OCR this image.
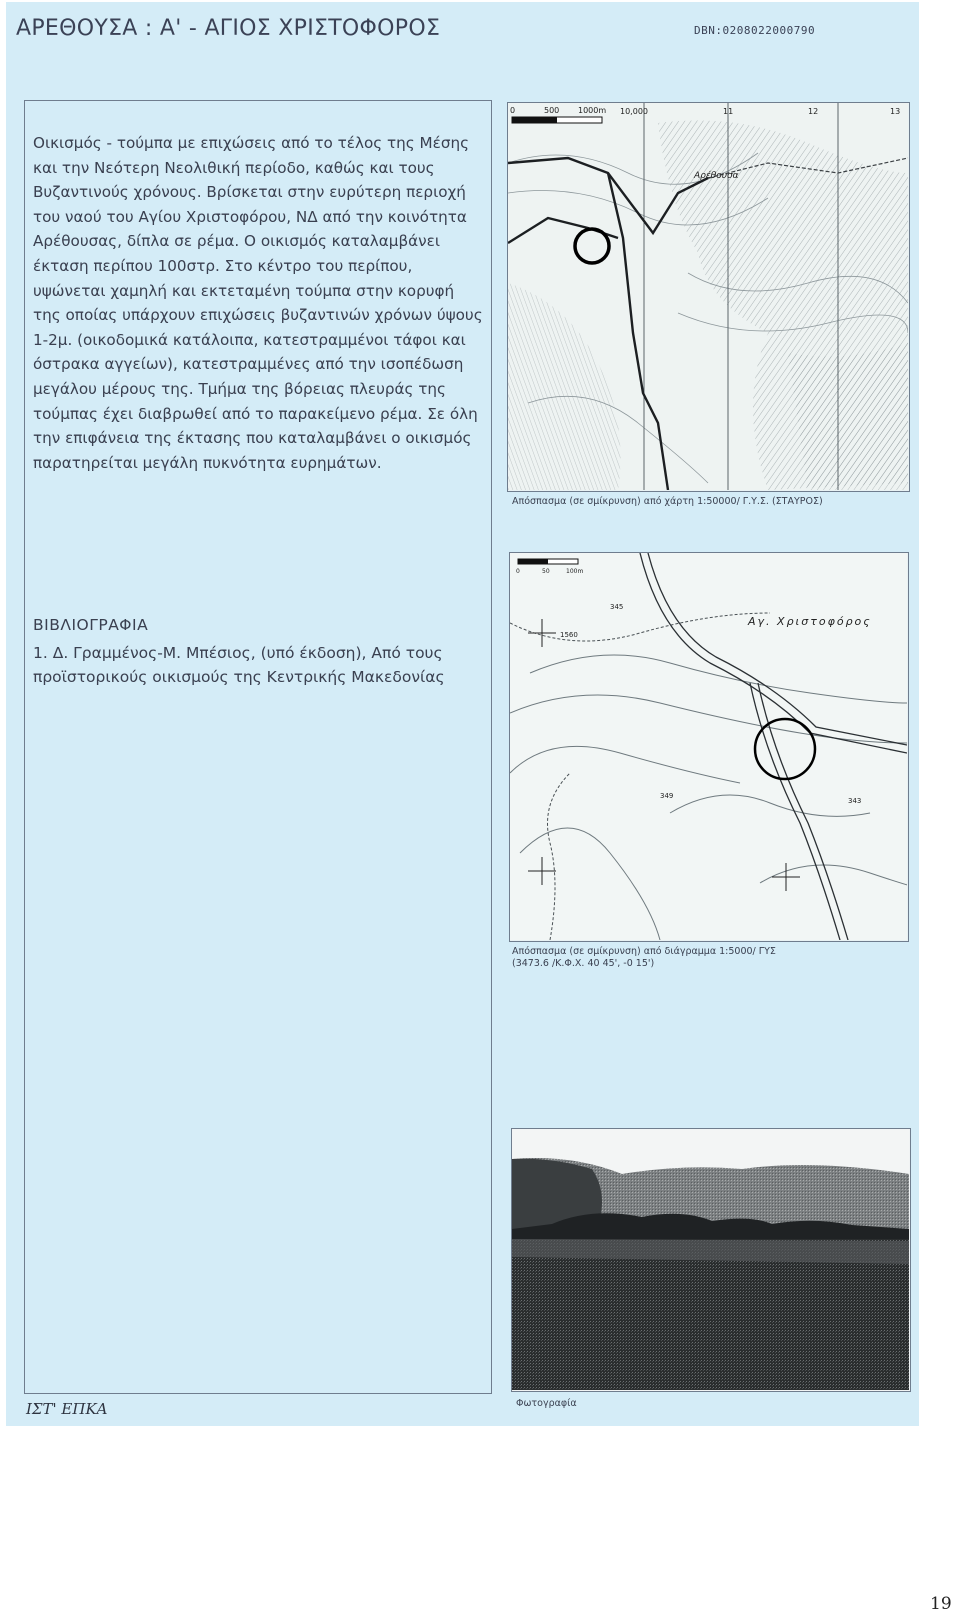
ΑΡΕΘΟΥΣΑ : Α' - ΑΓΙΟΣ ΧΡΙΣΤΟΦΟΡΟΣ	DBN:0208022000790

Οικισμός - τούμπα με επιχώσεις από το τέλος της Μέσης και την Νεότερη Νεολιθική περίοδο, καθώς και τους Βυζαντινούς χρόνους. Βρίσκεται στην ευρύτερη περιοχή του ναού του Αγίου Χριστοφόρου, ΝΔ από την κοινότητα Αρέθουσας, δίπλα σε ρέμα. Ο οικισμός καταλαμβάνει έκταση περίπου 100στρ. Στο κέντρο του περίπου, υψώνεται χαμηλή και εκτεταμένη τούμπα στην κορυφή της οποίας υπάρχουν επιχώσεις βυζαντινών χρόνων ύψους 1-2μ. (οικοδομικά κατάλοιπα, κατεστραμμένοι τάφοι και όστρακα αγγείων), κατεστραμμένες από την ισοπέδωση μεγάλου μέρους της. Τμήμα της βόρειας πλευράς της τούμπας έχει διαβρωθεί από το παρακείμενο ρέμα. Σε όλη την επιφάνεια της έκτασης που καταλαμβάνει ο οικισμός παρατηρείται μεγάλη πυκνότητα ευρημάτων.

ΒΙΒΛΙΟΓΡΑΦΙΑ

1. Δ. Γραμμένος-Μ. Μπέσιος, (υπό έκδοση), Από τους προϊστορικούς οικισμούς της Κεντρικής Μακεδονίας

0	500 1000m 10,000	11	12	13
Αρέθουσα

Απόσπασμα (σε σμίκρυνση) από χάρτη 1:50000/ Γ.Υ.Σ. (ΣΤΑΥΡΟΣ)

0	50	100m
1560
345
349
343
Αγ. Χριστοφόρος

Απόσπασμα (σε σμίκρυνση) από διάγραμμα 1:5000/ ΓΥΣ
(3473.6 /Κ.Φ.Χ. 40 45', -0 15')

Φωτογραφία

ΙΣΤ' ΕΠΚΑ
19
